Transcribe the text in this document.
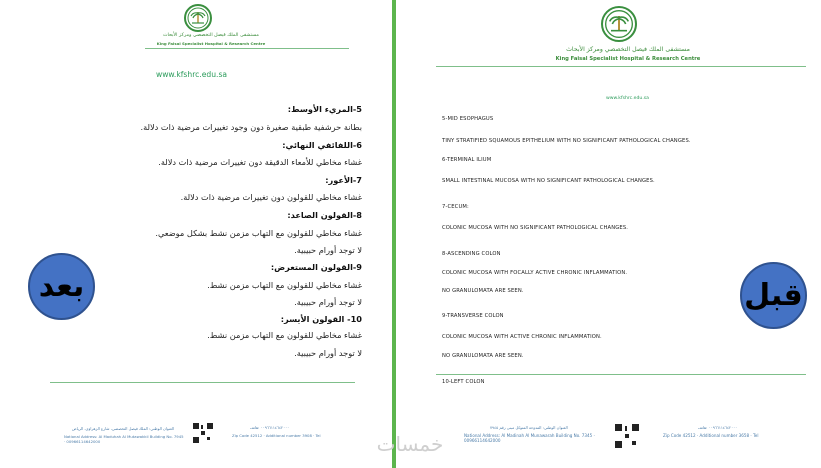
مستشفى الملك فيصل التخصصي ومركز الأبحاث
King Faisal Specialist Hospital & Research Centre
www.kfshrc.edu.sa
5-المريء الأوسط:
بطانة حرشفية طبقية صغيرة دون وجود تغييرات مرضية ذات دلالة.
6-اللفائفي النهائي:
غشاء مخاطي للأمعاء الدقيقة دون تغييرات مرضية ذات دلالة.
7-الأعور:
غشاء مخاطي للقولون دون تغييرات مرضية ذات دلالة.
8-القولون الصاعد:
غشاء مخاطي للقولون مع التهاب مزمن نشط بشكل موضعي.
لا توجد أورام حبيبية.
9-القولون المستعرض:
غشاء مخاطي للقولون مع التهاب مزمن نشط.
لا توجد أورام حبيبية.
10- القولون الأيسر:
غشاء مخاطي للقولون مع التهاب مزمن نشط.
لا توجد أورام حبيبية.
العنوان الوطني: الملك فيصل التخصصي، شارع الزهراوي، الرياض
National Address: Al Maduhah Al Mutawakkil Building No. 7945 · 00966114642000
Zip Code 42512 · Additional number 3908 · Tel
٠٠٩٦٦١١٤٦٤٢٠٠٠ :هاتف
مستشفى الملك فيصل التخصصي ومركز الأبحاث
King Faisal Specialist Hospital & Research Centre
www.kfshrc.edu.sa
5-MID ESOPHAGUS
TINY STRATIFIED SQUAMOUS EPITHELIUM WITH NO SIGNIFICANT PATHOLOGICAL CHANGES.
6-TERMINAL ILIUM
SMALL INTESTINAL MUCOSA WITH NO SIGNIFICANT PATHOLOGICAL CHANGES.
7-CECUM:
COLONIC MUCOSA WITH NO SIGNIFICANT PATHOLOGICAL CHANGES.
8-ASCENDING COLON
COLONIC MUCOSA WITH FOCALLY ACTIVE CHRONIC INFLAMMATION.
NO GRANULOMATA ARE SEEN.
9-TRANSVERSE COLON
COLONIC MUCOSA WITH ACTIVE CHRONIC INFLAMMATION.
NO GRANULOMATA ARE SEEN.
10-LEFT COLON
العنوان الوطني: المدوحة المتوكل مبنى رقم ٧٩٤٥
National Address: Al Madinah Al Munawarah Building No. 7345 · 00966114642000
Zip Code 42512 · Additional number 3658 · Tel
٠٠٩٦٦١١٤٦٤٢٠٠٠ :هاتف
بعد	قبل
خمسات
